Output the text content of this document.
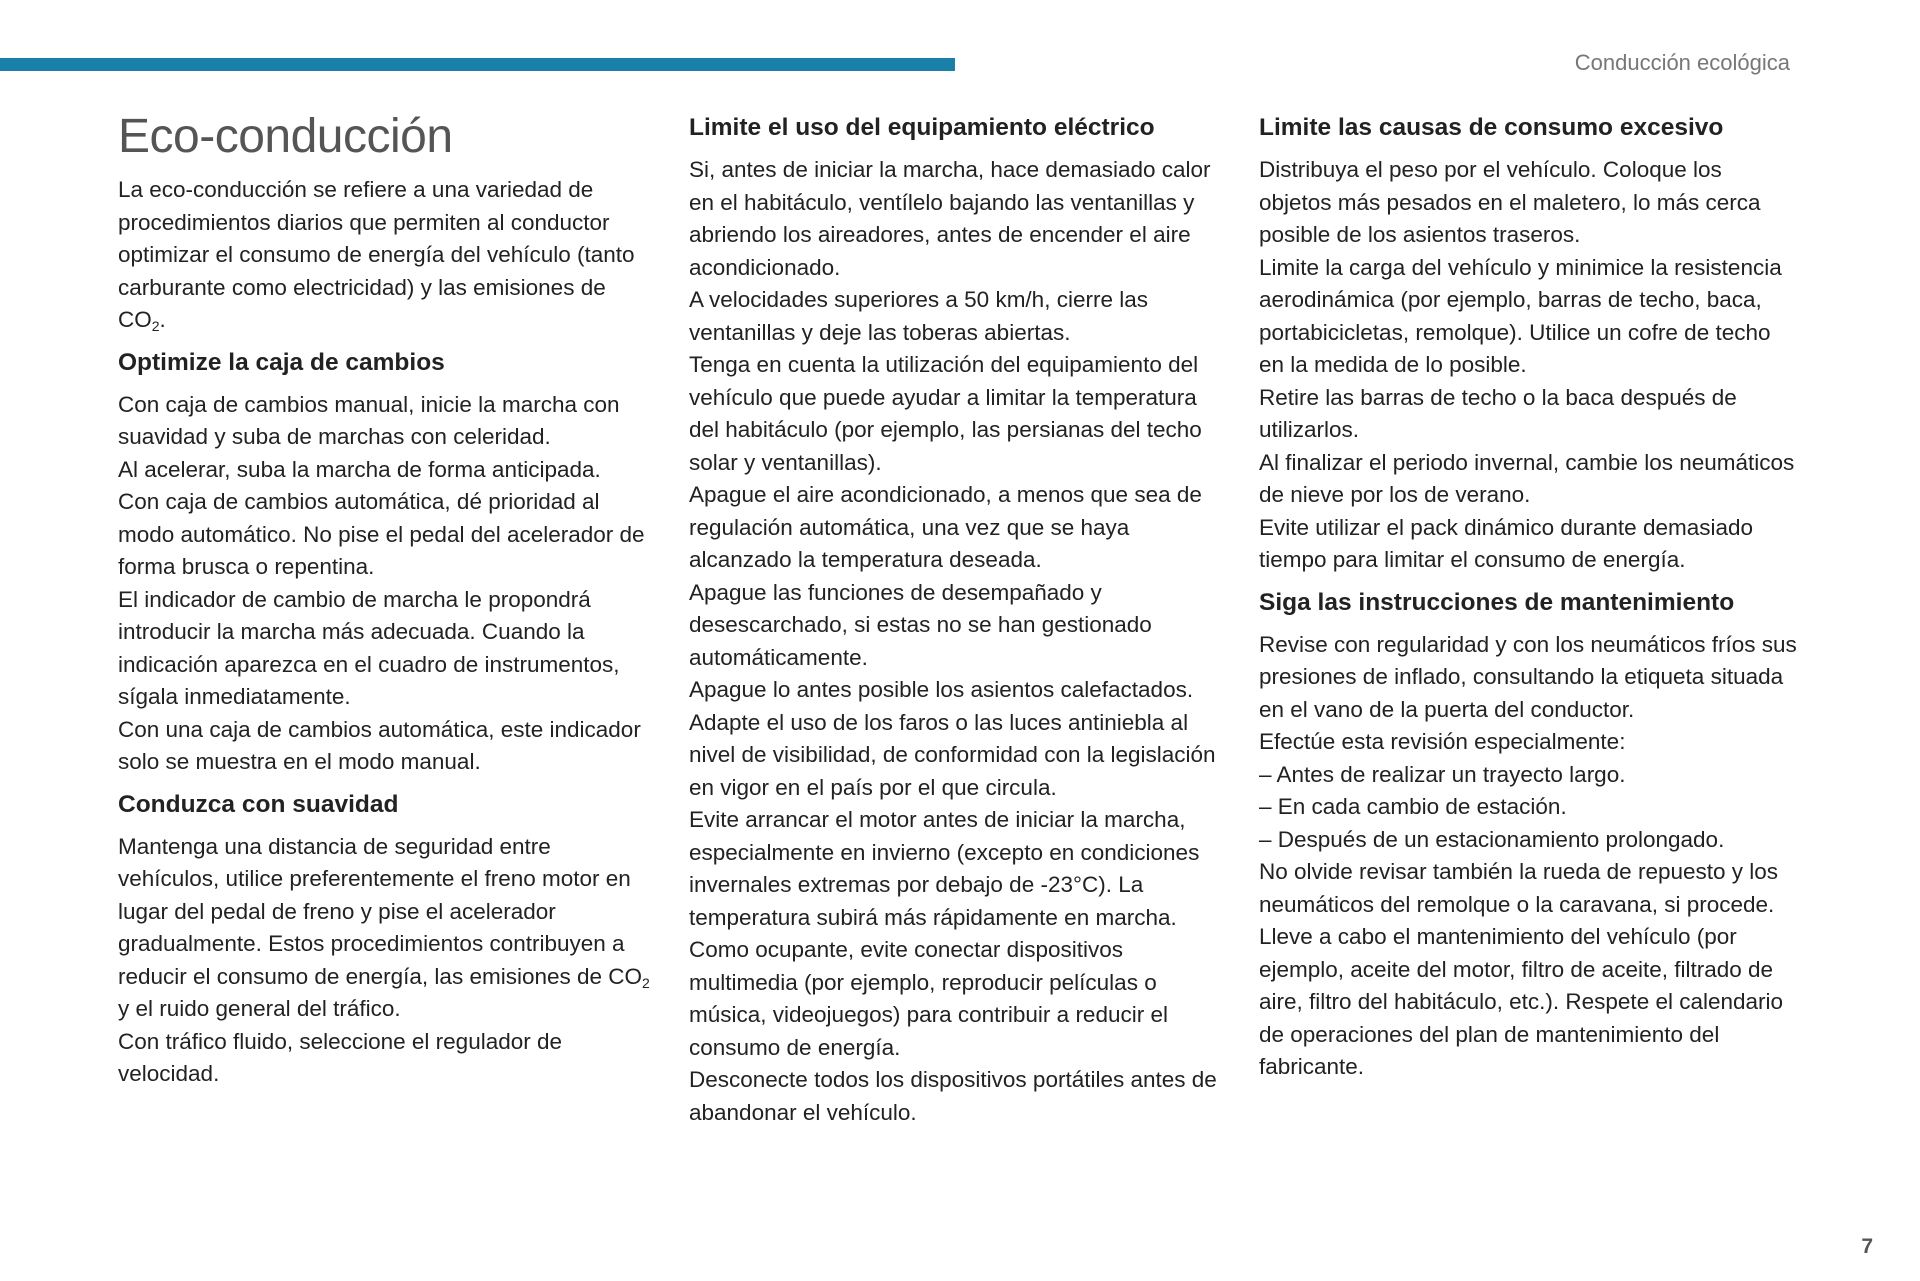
Conducción ecológica
Eco-conducción

La eco-conducción se refiere a una variedad de procedimientos diarios que permiten al conductor optimizar el consumo de energía del vehículo (tanto carburante como electricidad) y las emisiones de $CO_2$.

Optimize la caja de cambios

Con caja de cambios manual, inicie la marcha con suavidad y suba de marchas con celeridad.

Al acelerar, suba la marcha de forma anticipada.

Con caja de cambios automática, dé prioridad al modo automático. No pise el pedal del acelerador de forma brusca o repentina.

El indicador de cambio de marcha le propondrá introducir la marcha más adecuada. Cuando la indicación aparezca en el cuadro de instrumentos, sígala inmediatamente.

Con una caja de cambios automática, este indicador solo se muestra en el modo manual.

Conduzca con suavidad

Mantenga una distancia de seguridad entre vehículos, utilice preferentemente el freno motor en lugar del pedal de freno y pise el acelerador gradualmente. Estos procedimientos contribuyen a reducir el consumo de energía, las emisiones de $CO_2$ y el ruido general del tráfico.

Con tráfico fluido, seleccione el regulador de velocidad.

Limite el uso del equipamiento eléctrico

Si, antes de iniciar la marcha, hace demasiado calor en el habitáculo, ventílelo bajando las ventanillas y abriendo los aireadores, antes de encender el aire acondicionado.

A velocidades superiores a 50 km/h, cierre las ventanillas y deje las toberas abiertas.

Tenga en cuenta la utilización del equipamiento del vehículo que puede ayudar a limitar la temperatura del habitáculo (por ejemplo, las persianas del techo solar y ventanillas).

Apague el aire acondicionado, a menos que sea de regulación automática, una vez que se haya alcanzado la temperatura deseada.

Apague las funciones de desempañado y desescarchado, si estas no se han gestionado automáticamente.

Apague lo antes posible los asientos calefactados.

Adapte el uso de los faros o las luces antiniebla al nivel de visibilidad, de conformidad con la legislación en vigor en el país por el que circula.

Evite arrancar el motor antes de iniciar la marcha, especialmente en invierno (excepto en condiciones invernales extremas por debajo de -23°C). La temperatura subirá más rápidamente en marcha.

Como ocupante, evite conectar dispositivos multimedia (por ejemplo, reproducir películas o música, videojuegos) para contribuir a reducir el consumo de energía.

Desconecte todos los dispositivos portátiles antes de abandonar el vehículo.

Limite las causas de consumo excesivo

Distribuya el peso por el vehículo. Coloque los objetos más pesados en el maletero, lo más cerca posible de los asientos traseros.

Limite la carga del vehículo y minimice la resistencia aerodinámica (por ejemplo, barras de techo, baca, portabicicletas, remolque). Utilice un cofre de techo en la medida de lo posible.

Retire las barras de techo o la baca después de utilizarlos.

Al finalizar el periodo invernal, cambie los neumáticos de nieve por los de verano.

Evite utilizar el pack dinámico durante demasiado tiempo para limitar el consumo de energía.

Siga las instrucciones de mantenimiento

Revise con regularidad y con los neumáticos fríos sus presiones de inflado, consultando la etiqueta situada en el vano de la puerta del conductor.

Efectúe esta revisión especialmente:

– Antes de realizar un trayecto largo.

– En cada cambio de estación.

– Después de un estacionamiento prolongado.

No olvide revisar también la rueda de repuesto y los neumáticos del remolque o la caravana, si procede.

Lleve a cabo el mantenimiento del vehículo (por ejemplo, aceite del motor, filtro de aceite, filtrado de aire, filtro del habitáculo, etc.). Respete el calendario de operaciones del plan de mantenimiento del fabricante.

7
